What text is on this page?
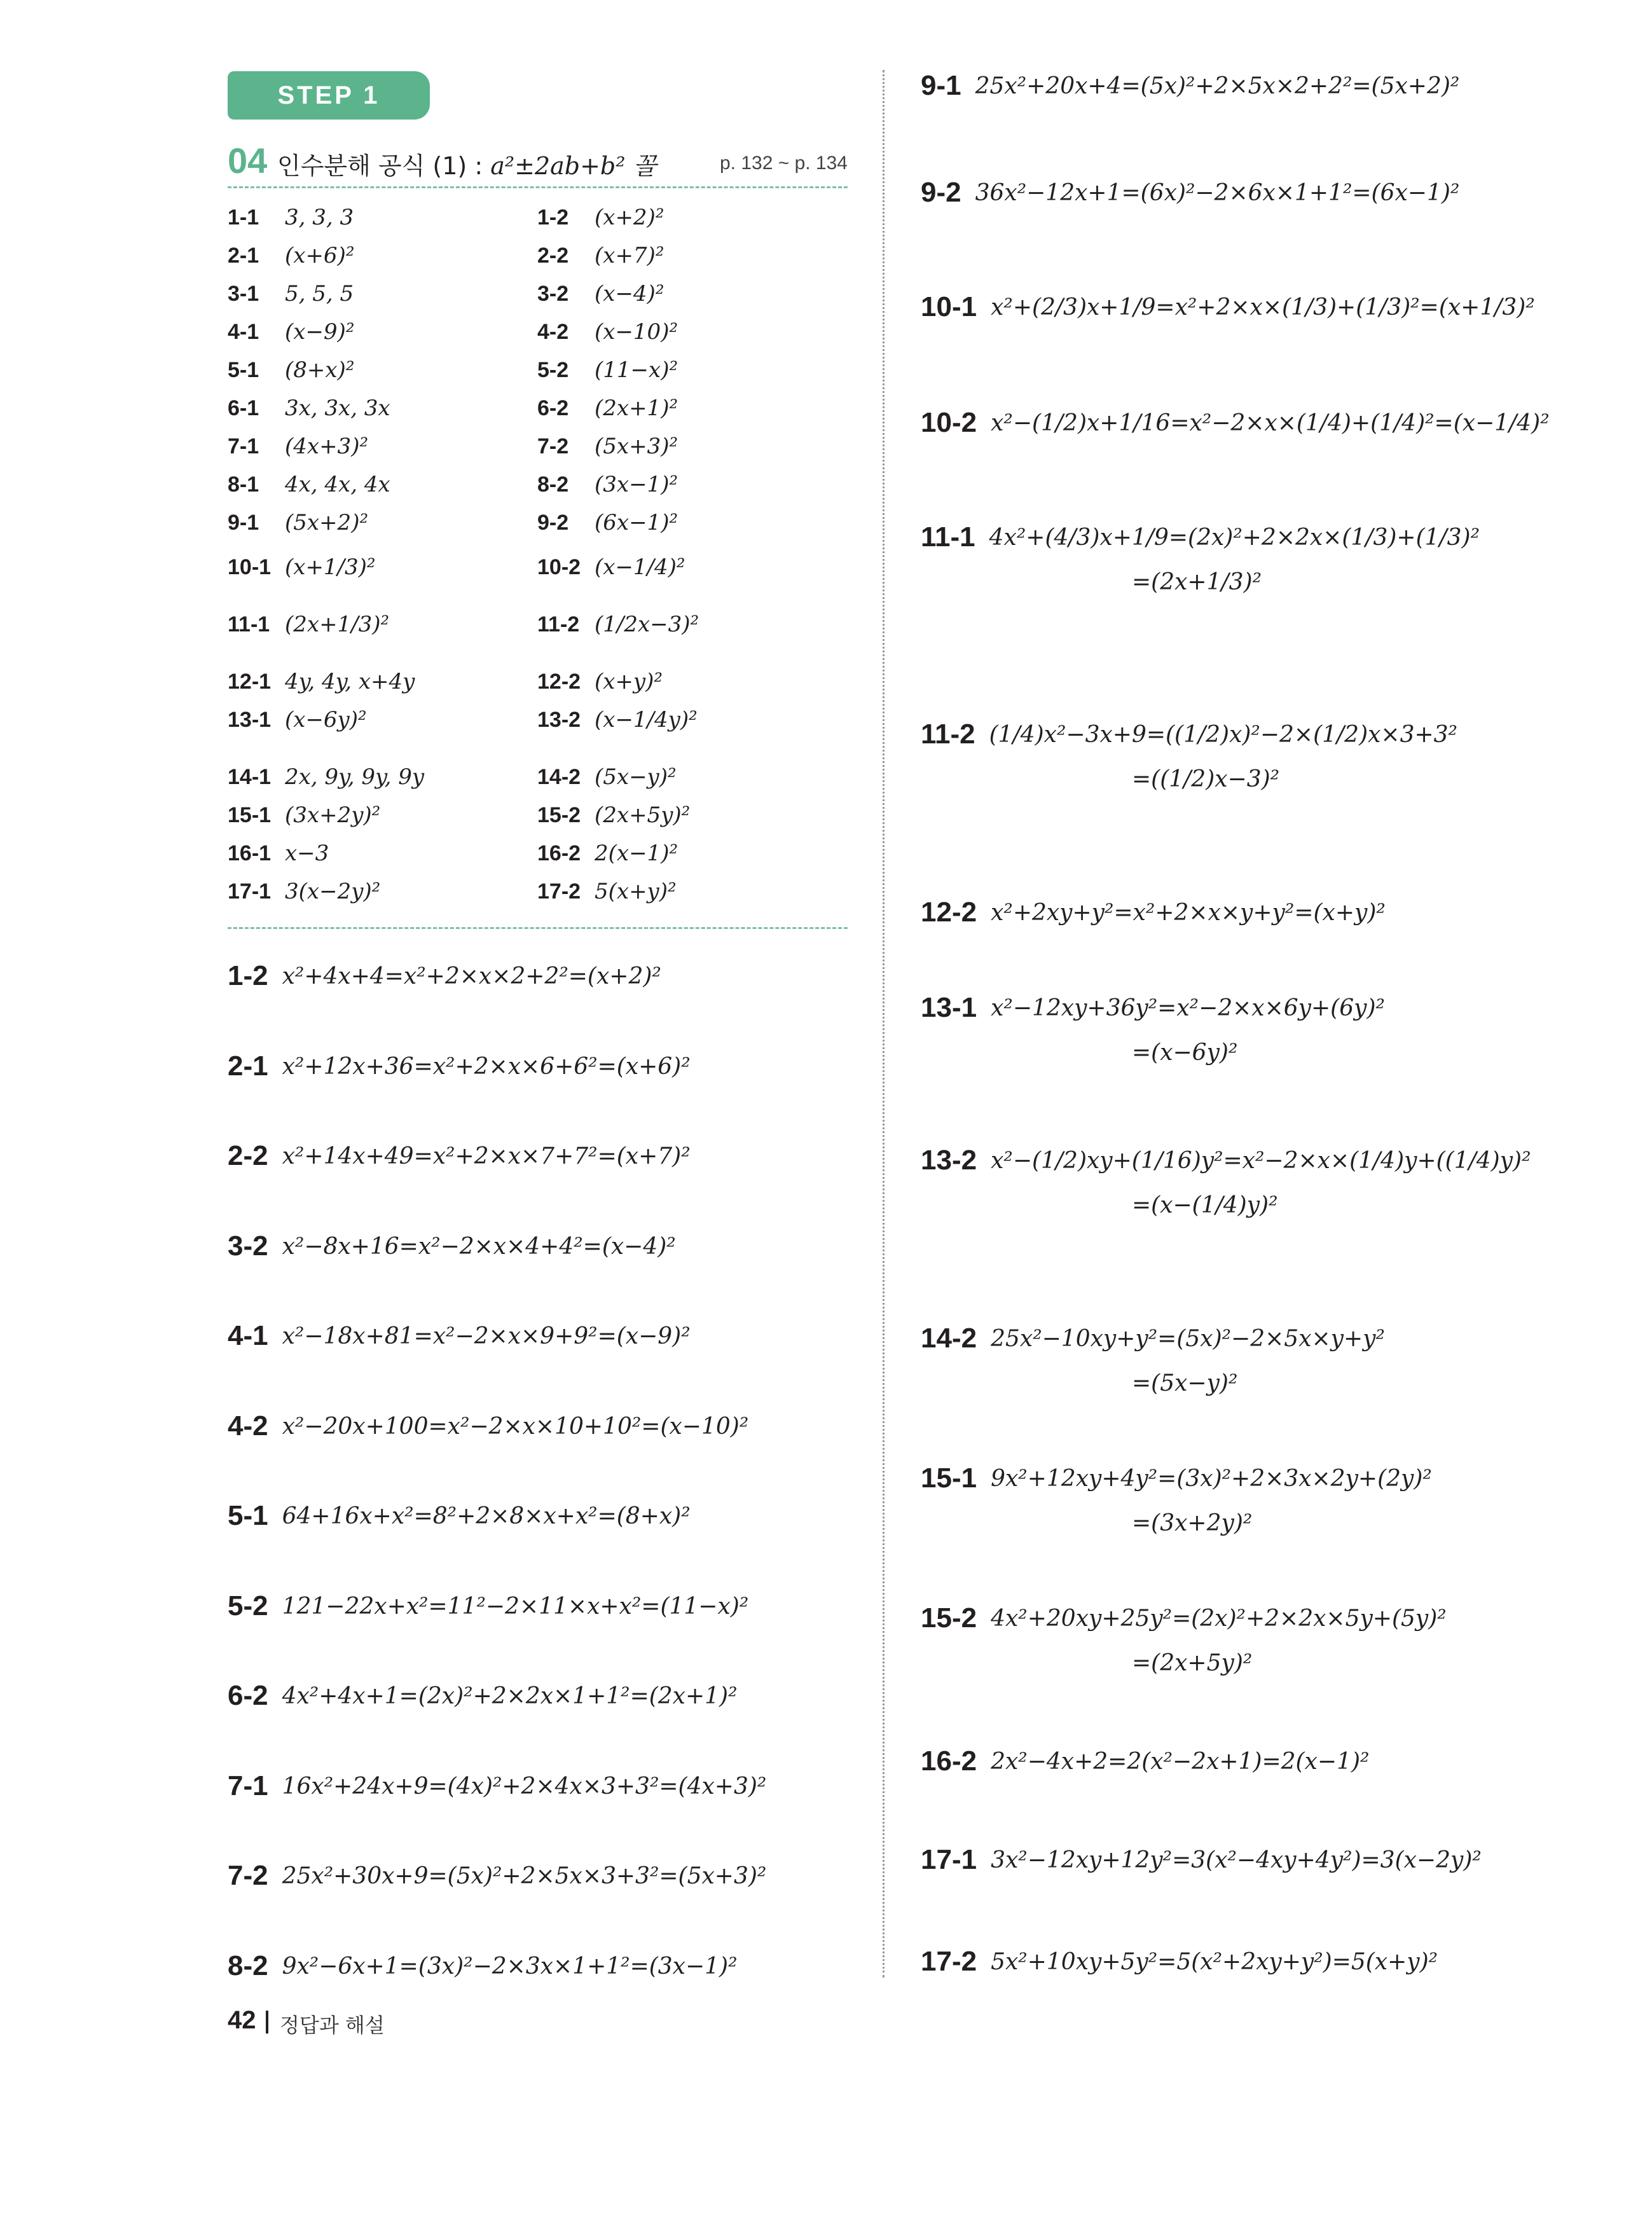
STEP 1
04 인수분해 공식 (1) : a²±2ab+b² 꼴	p. 132 ~ p. 134
1-1 3, 3, 3
2-1 (x+6)²
3-1 5, 5, 5
4-1 (x−9)²
5-1 (8+x)²
6-1 3x, 3x, 3x
7-1 (4x+3)²
8-1 4x, 4x, 4x
9-1 (5x+2)²
10-1 (x+1/3)²
11-1 (2x+1/3)²
12-1 4y, 4y, x+4y
13-1 (x−6y)²
14-1 2x, 9y, 9y, 9y
15-1 (3x+2y)²
16-1 x−3
17-1 3(x−2y)²
1-2 (x+2)²
2-2 (x+7)²
3-2 (x−4)²
4-2 (x−10)²
5-2 (11−x)²
6-2 (2x+1)²
7-2 (5x+3)²
8-2 (3x−1)²
9-2 (6x−1)²
10-2 (x−1/4)²
11-2 (1/2x−3)²
12-2 (x+y)²
13-2 (x−1/4y)²
14-2 (5x−y)²
15-2 (2x+5y)²
16-2 2(x−1)²
17-2 5(x+y)²
1-2 x²+4x+4=x²+2×x×2+2²=(x+2)²
2-1 x²+12x+36=x²+2×x×6+6²=(x+6)²
2-2 x²+14x+49=x²+2×x×7+7²=(x+7)²
3-2 x²−8x+16=x²−2×x×4+4²=(x−4)²
4-1 x²−18x+81=x²−2×x×9+9²=(x−9)²
4-2 x²−20x+100=x²−2×x×10+10²=(x−10)²
5-1 64+16x+x²=8²+2×8×x+x²=(8+x)²
5-2 121−22x+x²=11²−2×11×x+x²=(11−x)²
6-2 4x²+4x+1=(2x)²+2×2x×1+1²=(2x+1)²
7-1 16x²+24x+9=(4x)²+2×4x×3+3²=(4x+3)²
7-2 25x²+30x+9=(5x)²+2×5x×3+3²=(5x+3)²
8-2 9x²−6x+1=(3x)²−2×3x×1+1²=(3x−1)²
9-1 25x²+20x+4=(5x)²+2×5x×2+2²=(5x+2)²
9-2 36x²−12x+1=(6x)²−2×6x×1+1²=(6x−1)²
10-1 x²+(2/3)x+1/9=x²+2×x×(1/3)+(1/3)²=(x+1/3)²
10-2 x²−(1/2)x+1/16=x²−2×x×(1/4)+(1/4)²=(x−1/4)²
11-1 4x²+(4/3)x+1/9=(2x)²+2×2x×(1/3)+(1/3)²
=(2x+1/3)²
11-2 (1/4)x²−3x+9=((1/2)x)²−2×(1/2)x×3+3²
=((1/2)x−3)²
12-2 x²+2xy+y²=x²+2×x×y+y²=(x+y)²
13-1 x²−12xy+36y²=x²−2×x×6y+(6y)²
=(x−6y)²
13-2 x²−(1/2)xy+(1/16)y²=x²−2×x×(1/4)y+((1/4)y)²
=(x−(1/4)y)²
14-2 25x²−10xy+y²=(5x)²−2×5x×y+y²
=(5x−y)²
15-1 9x²+12xy+4y²=(3x)²+2×3x×2y+(2y)²
=(3x+2y)²
15-2 4x²+20xy+25y²=(2x)²+2×2x×5y+(5y)²
=(2x+5y)²
16-2 2x²−4x+2=2(x²−2x+1)=2(x−1)²
17-1 3x²−12xy+12y²=3(x²−4xy+4y²)=3(x−2y)²
17-2 5x²+10xy+5y²=5(x²+2xy+y²)=5(x+y)²
42 정답과 해설
